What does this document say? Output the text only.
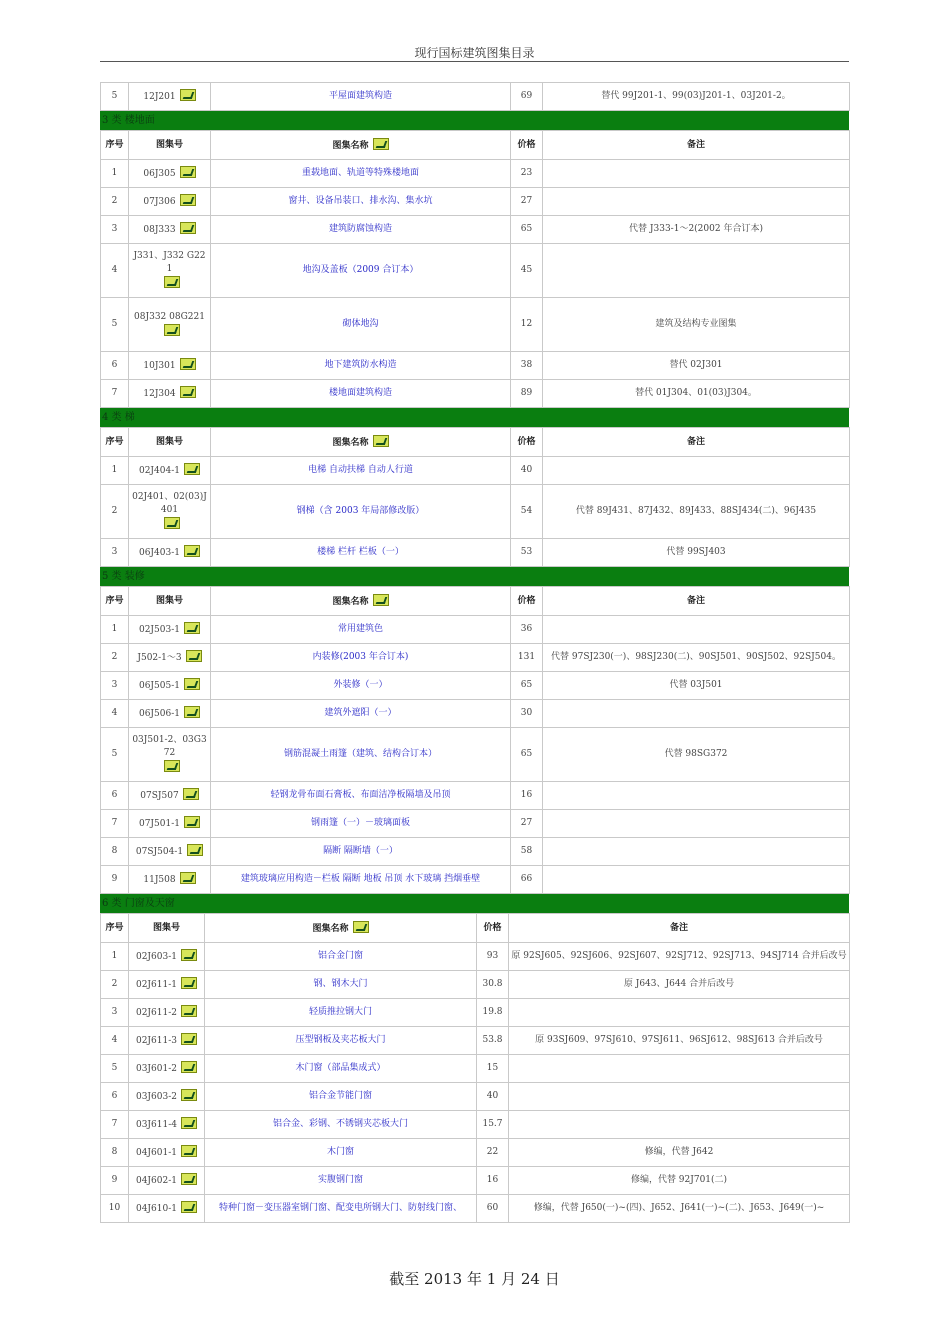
现行国标建筑图集目录
5	12J201	平屋面建筑构造	69	替代 99J201-1、99(03)J201-1、03J201-2。
3 类 楼地面
序号	图集号	图集名称	价格	备注
1	06J305	重载地面、轨道等特殊楼地面	23	
2	07J306	窗井、设备吊装口、排水沟、集水坑	27	
3	08J333	建筑防腐蚀构造	65	代替 J333-1～2(2002 年合订本)
4	J331、J332 G221	地沟及盖板（2009 合订本）	45	
5	08J332 08G221	砌体地沟	12	建筑及结构专业图集
6	10J301	地下建筑防水构造	38	替代 02J301
7	12J304	楼地面建筑构造	89	替代 01J304、01(03)J304。
4 类 梯
序号	图集号	图集名称	价格	备注
1	02J404-1	电梯 自动扶梯 自动人行道	40	
2	02J401、02(03)J401	钢梯（含 2003 年局部修改版）	54	代替 89J431、87J432、89J433、88SJ434(二)、96J435
3	06J403-1	楼梯 栏杆 栏板（一）	53	代替 99SJ403
5 类 装修
序号	图集号	图集名称	价格	备注
1	02J503-1	常用建筑色	36	
2	J502-1～3	内装修(2003 年合订本)	131	代替 97SJ230(一)、98SJ230(二)、90SJ501、90SJ502、92SJ504。
3	06J505-1	外装修（一）	65	代替 03J501
4	06J506-1	建筑外遮阳（一）	30	
5	03J501-2、03G372	钢筋混凝土雨篷（建筑、结构合订本）	65	代替 98SG372
6	07SJ507	轻钢龙骨布面石膏板、布面洁净板隔墙及吊顶	16	
7	07J501-1	钢雨篷（一）－玻璃面板	27	
8	07SJ504-1	隔断 隔断墙（一）	58	
9	11J508	建筑玻璃应用构造－栏板 隔断 地板 吊顶 水下玻璃 挡烟垂壁	66	
6 类 门窗及天窗
序号	图集号	图集名称	价格	备注
1	02J603-1	铝合金门窗	93	原 92SJ605、92SJ606、92SJ607、92SJ712、92SJ713、94SJ714 合并后改号
2	02J611-1	钢、钢木大门	30.8	原 J643、J644 合并后改号
3	02J611-2	轻质推拉钢大门	19.8	
4	02J611-3	压型钢板及夹芯板大门	53.8	原 93SJ609、97SJ610、97SJ611、96SJ612、98SJ613 合并后改号
5	03J601-2	木门窗（部品集成式）	15	
6	03J603-2	铝合金节能门窗	40	
7	03J611-4	铝合金、彩钢、不锈钢夹芯板大门	15.7	
8	04J601-1	木门窗	22	修编，代替 J642
9	04J602-1	实腹钢门窗	16	修编，代替 92J701(二)
10	04J610-1	特种门窗－变压器室钢门窗、配变电所钢大门、防射线门窗、	60	修编，代替 J650(一)~(四)、J652、J641(一)~(二)、J653、J649(一)~
截至 2013 年 1 月 24 日
